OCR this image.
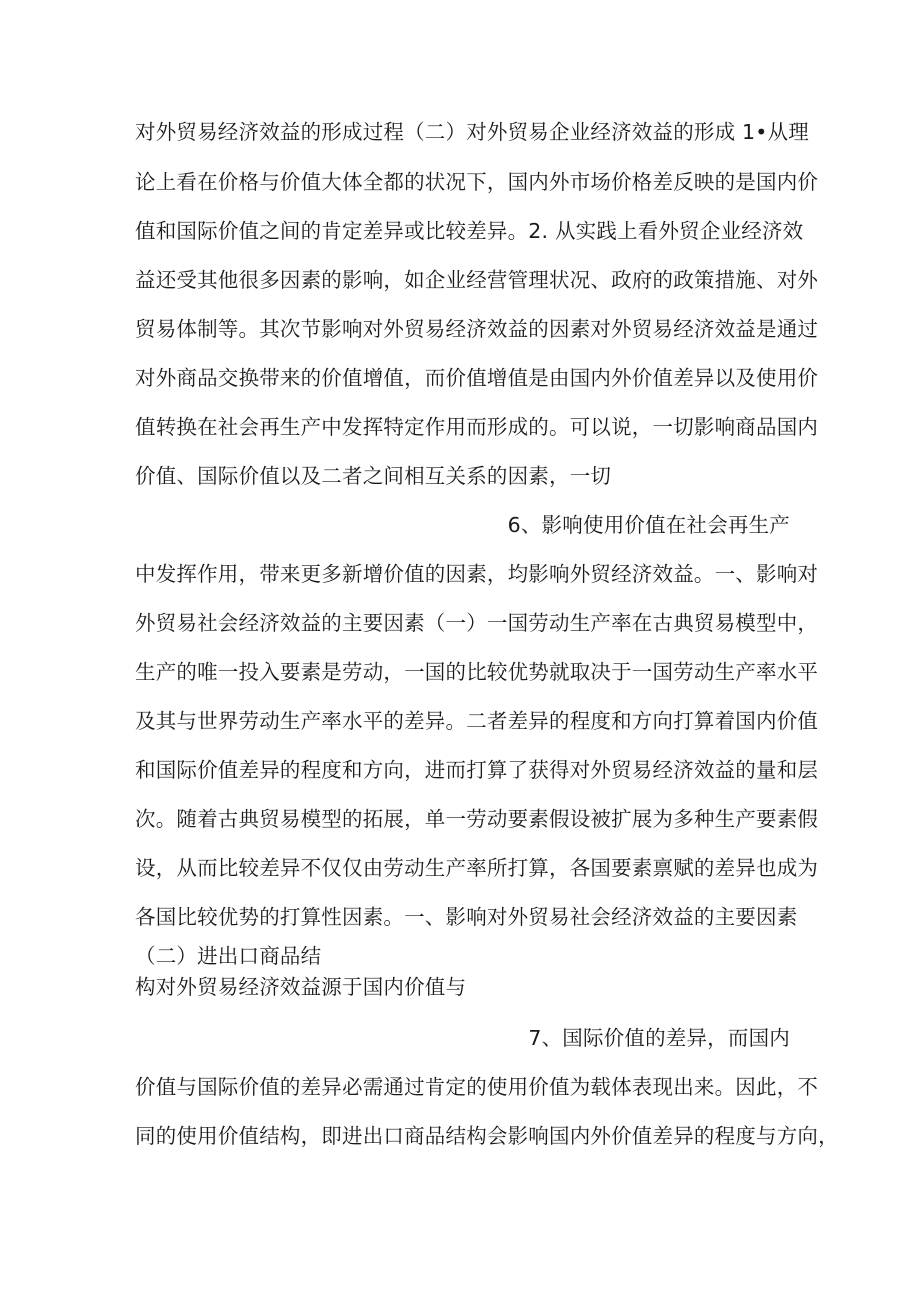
对外贸易经济效益的形成过程（二）对外贸易企业经济效益的形成 1•从理
论上看在价格与价值大体全都的状况下，国内外市场价格差反映的是国内价
值和国际价值之间的肯定差异或比较差异。2. 从实践上看外贸企业经济效
益还受其他很多因素的影响，如企业经营管理状况、政府的政策措施、对外
贸易体制等。其次节影响对外贸易经济效益的因素对外贸易经济效益是通过
对外商品交换带来的价值增值，而价值增值是由国内外价值差异以及使用价
值转换在社会再生产中发挥特定作用而形成的。可以说，一切影响商品国内
价值、国际价值以及二者之间相互关系的因素，一切
6、影响使用价值在社会再生产
中发挥作用，带来更多新增价值的因素，均影响外贸经济效益。一、影响对
外贸易社会经济效益的主要因素（一）一国劳动生产率在古典贸易模型中，
生产的唯一投入要素是劳动，一国的比较优势就取决于一国劳动生产率水平
及其与世界劳动生产率水平的差异。二者差异的程度和方向打算着国内价值
和国际价值差异的程度和方向，进而打算了获得对外贸易经济效益的量和层
次。随着古典贸易模型的拓展，单一劳动要素假设被扩展为多种生产要素假
设，从而比较差异不仅仅由劳动生产率所打算，各国要素禀赋的差异也成为
各国比较优势的打算性因素。一、影响对外贸易社会经济效益的主要因素
（二）进出口商品结
构对外贸易经济效益源于国内价值与
7、国际价值的差异，而国内
价值与国际价值的差异必需通过肯定的使用价值为载体表现出来。因此，不
同的使用价值结构，即进出口商品结构会影响国内外价值差异的程度与方向，
